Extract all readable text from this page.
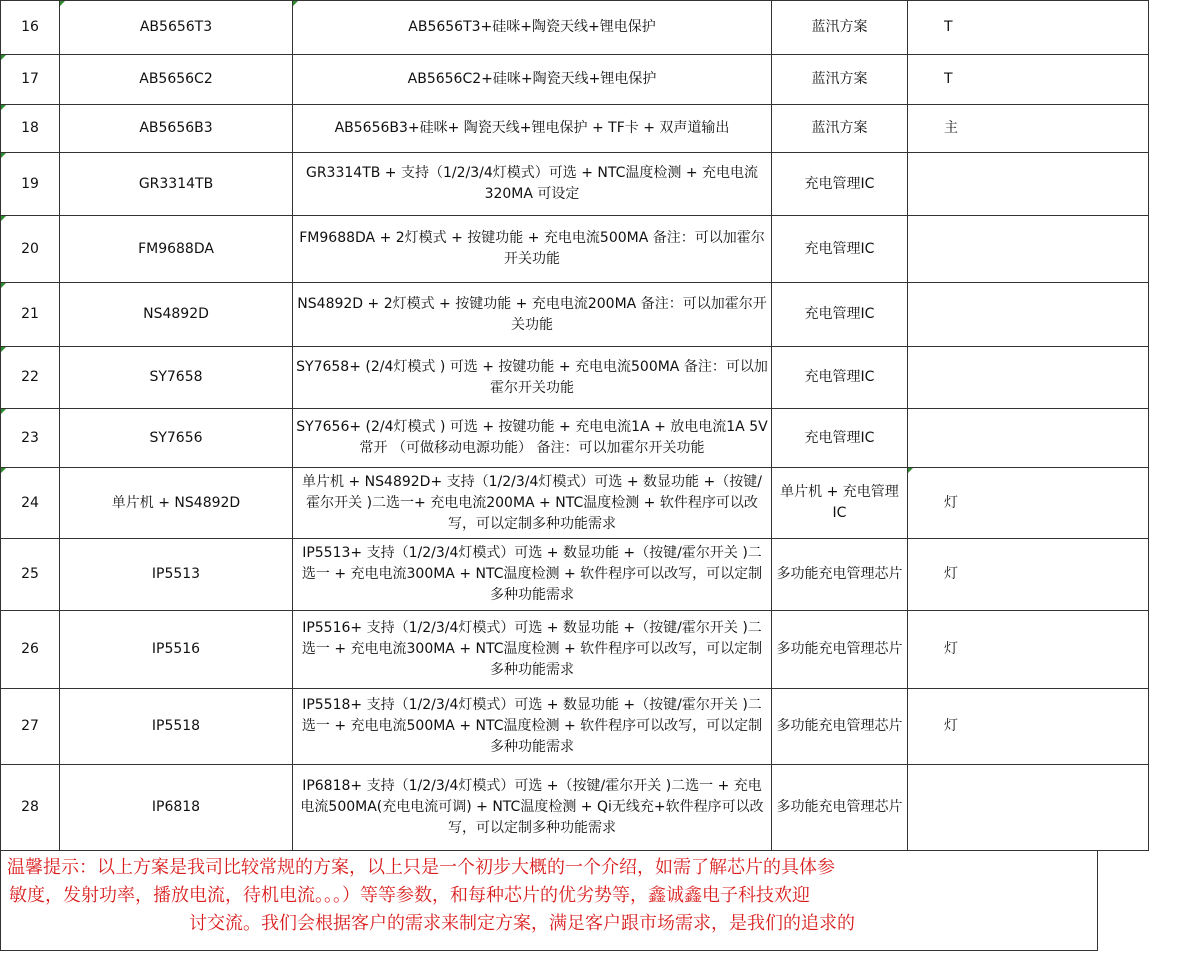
16	AB5656T3	AB5656T3+硅咪+陶瓷天线+锂电保护	蓝汛方案	T
17	AB5656C2	AB5656C2+硅咪+陶瓷天线+锂电保护	蓝汛方案	T
18	AB5656B3	AB5656B3+硅咪+ 陶瓷天线+锂电保护 + TF卡 + 双声道输出	蓝汛方案	主
19	GR3314TB	GR3314TB + 支持（1/2/3/4灯模式）可选 + NTC温度检测 + 充电电流320MA 可设定	充电管理IC	
20	FM9688DA	FM9688DA + 2灯模式 + 按键功能 + 充电电流500MA 备注：可以加霍尔开关功能	充电管理IC	
21	NS4892D	NS4892D + 2灯模式 + 按键功能 + 充电电流200MA 备注：可以加霍尔开关功能	充电管理IC	
22	SY7658	SY7658+ (2/4灯模式 ) 可选 + 按键功能 + 充电电流500MA 备注：可以加霍尔开关功能	充电管理IC	
23	SY7656	SY7656+ (2/4灯模式 ) 可选 + 按键功能 + 充电电流1A + 放电电流1A 5V常开 （可做移动电源功能） 备注：可以加霍尔开关功能	充电管理IC	
24	单片机 + NS4892D	单片机 + NS4892D+ 支持（1/2/3/4灯模式）可选 + 数显功能 +（按键/霍尔开关 )二选一+ 充电电流200MA + NTC温度检测 + 软件程序可以改写，可以定制多种功能需求	单片机 + 充电管理IC	灯
25	IP5513	IP5513+ 支持（1/2/3/4灯模式）可选 + 数显功能 +（按键/霍尔开关 )二选一 + 充电电流300MA + NTC温度检测 + 软件程序可以改写，可以定制多种功能需求	多功能充电管理芯片	灯
26	IP5516	IP5516+ 支持（1/2/3/4灯模式）可选 + 数显功能 +（按键/霍尔开关 )二选一 + 充电电流300MA + NTC温度检测 + 软件程序可以改写，可以定制多种功能需求	多功能充电管理芯片	灯
27	IP5518	IP5518+ 支持（1/2/3/4灯模式）可选 + 数显功能 +（按键/霍尔开关 )二选一 + 充电电流500MA + NTC温度检测 + 软件程序可以改写，可以定制多种功能需求	多功能充电管理芯片	灯
28	IP6818	IP6818+ 支持（1/2/3/4灯模式）可选 +（按键/霍尔开关 )二选一 + 充电电流500MA(充电电流可调) + NTC温度检测 + Qi无线充+软件程序可以改写，可以定制多种功能需求	多功能充电管理芯片	
温馨提示：以上方案是我司比较常规的方案，以上只是一个初步大概的一个介绍，如需了解芯片的具体参
敏度，发射功率，播放电流，待机电流。。。）等等参数，和每种芯片的优劣势等，鑫诚鑫电子科技欢迎
讨交流。我们会根据客户的需求来制定方案，满足客户跟市场需求，是我们的追求的
